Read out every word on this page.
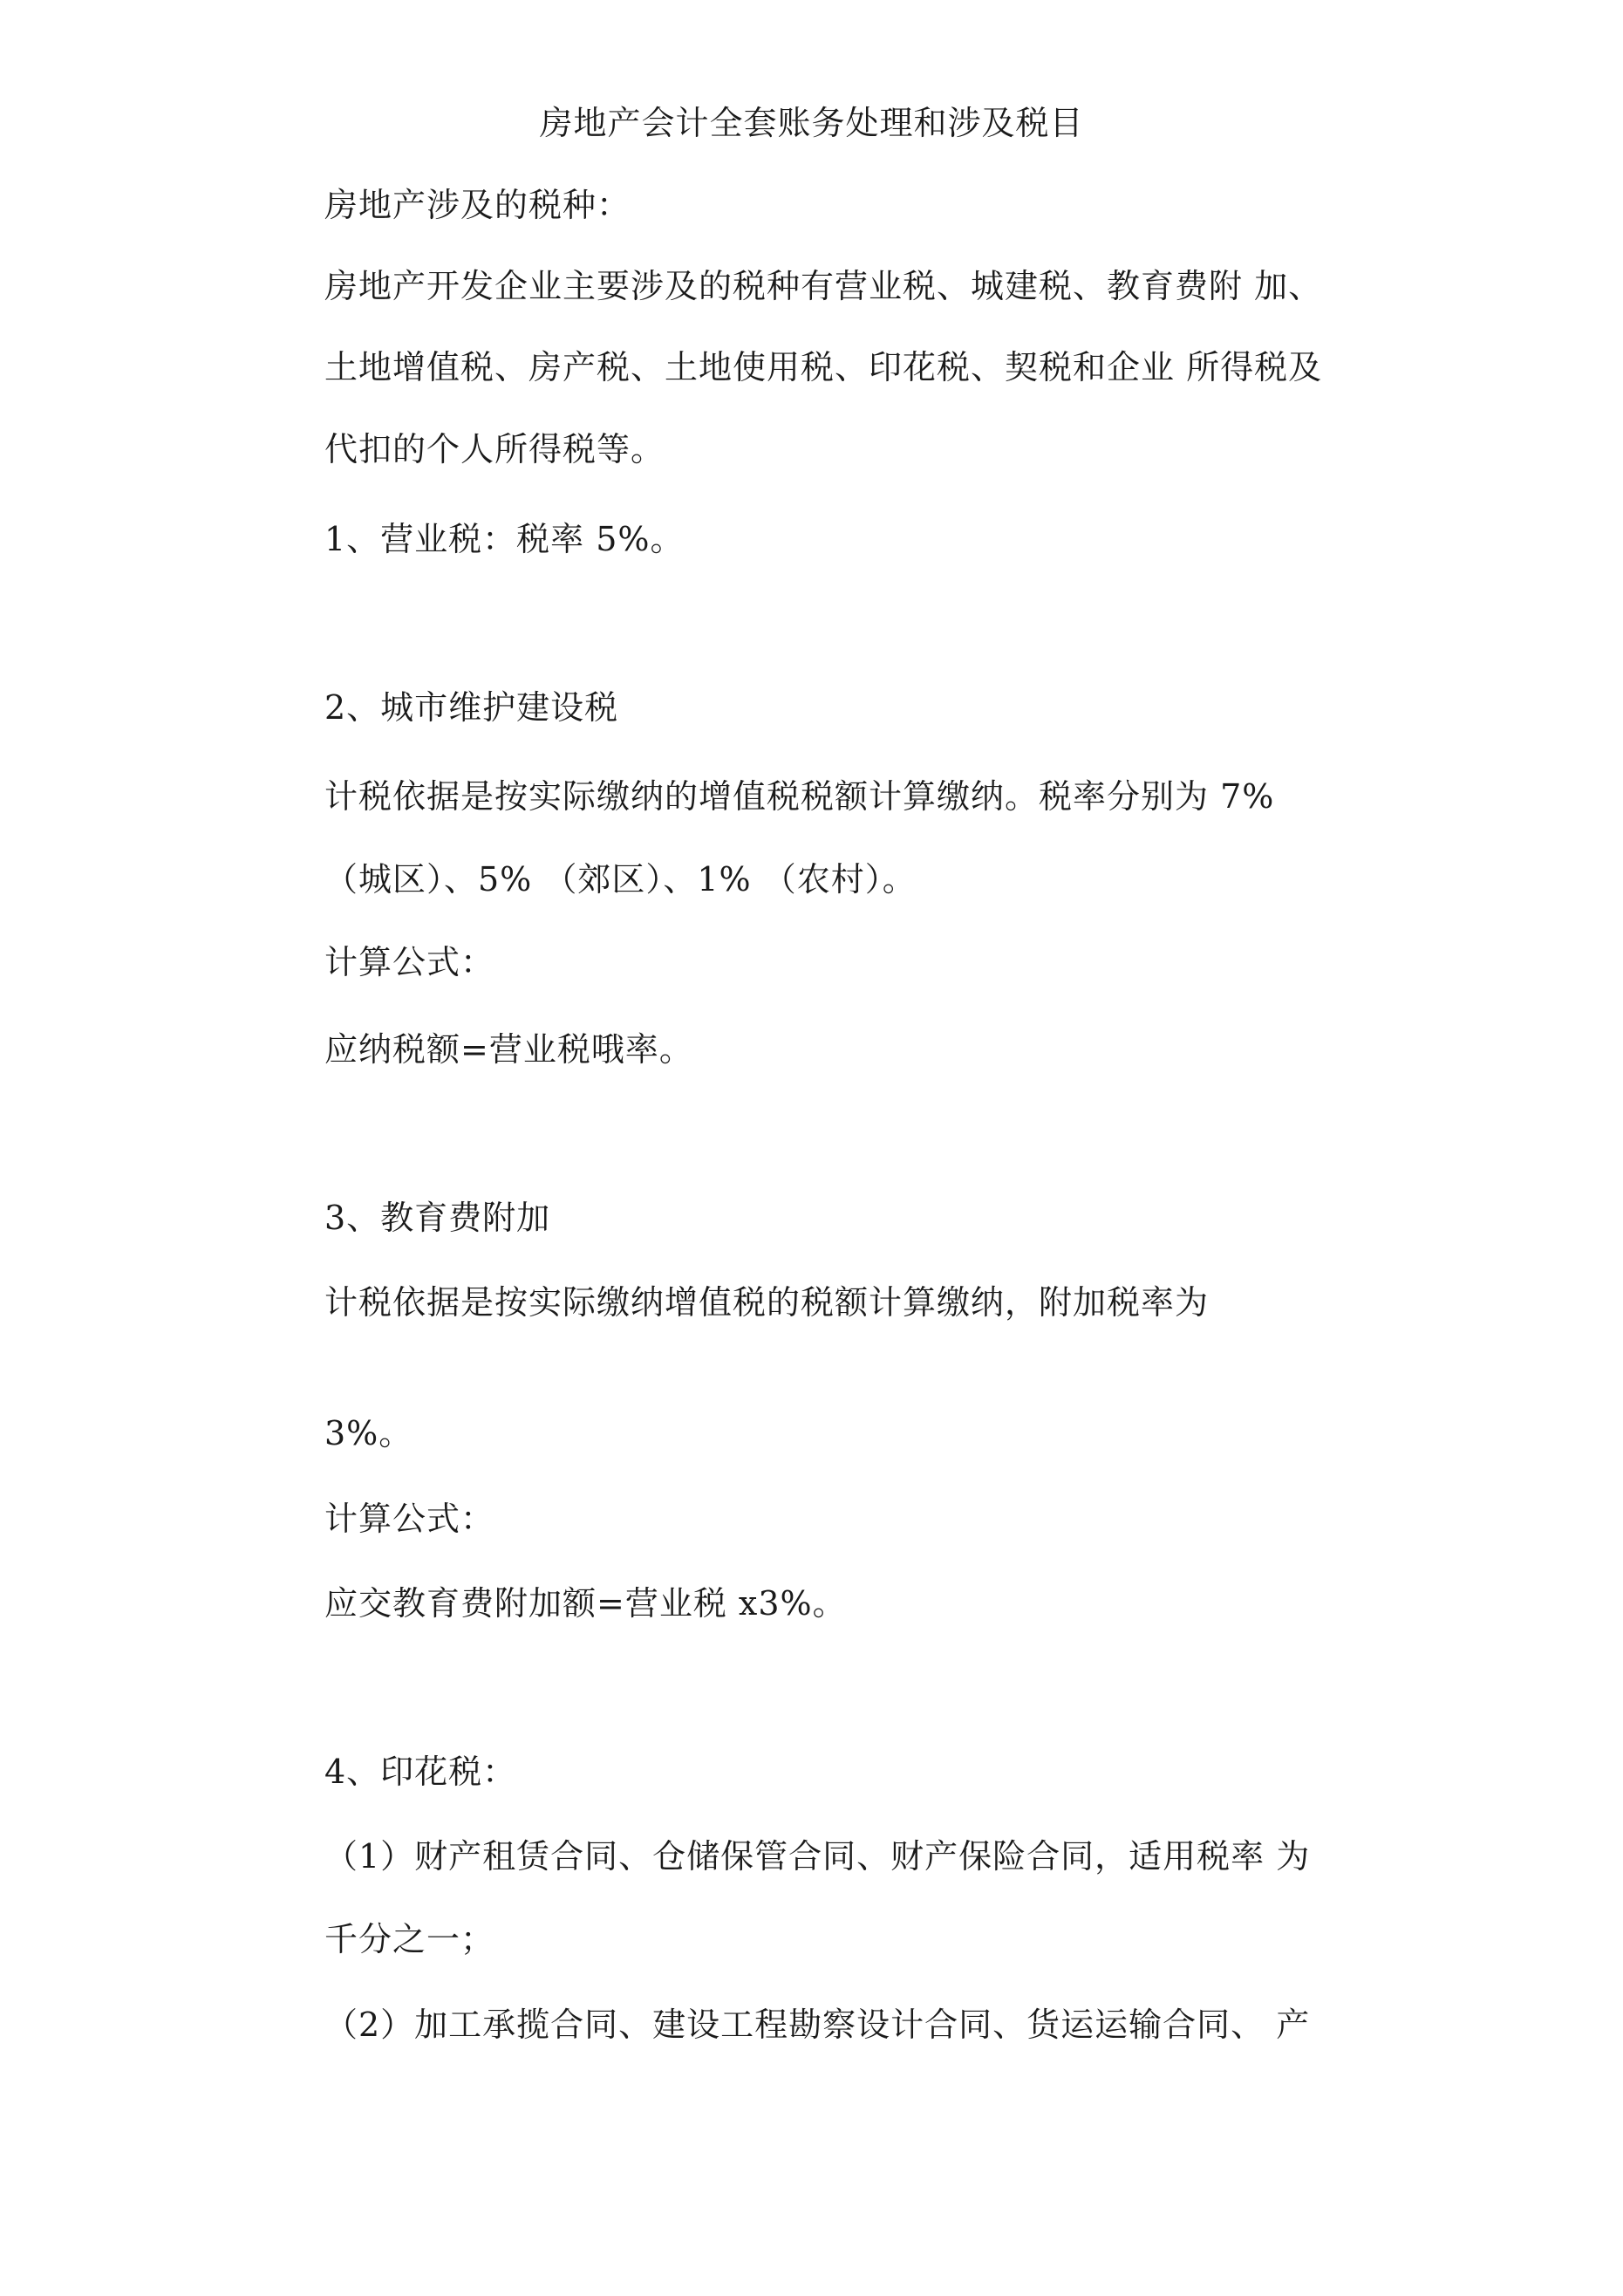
房地产会计全套账务处理和涉及税目
房地产涉及的税种：
房地产开发企业主要涉及的税种有营业税、城建税、教育费附 加、
土地增值税、房产税、土地使用税、印花税、契税和企业 所得税及
代扣的个人所得税等。
1、营业税：税率 5%。
2、城市维护建设税
计税依据是按实际缴纳的增值税税额计算缴纳。税率分别为 7%
（城区）、5% （郊区）、1% （农村）。
计算公式：
应纳税额=营业税哦率。
3、教育费附加
计税依据是按实际缴纳增值税的税额计算缴纳，附加税率为
3%。
计算公式：
应交教育费附加额=营业税 x3%。
4、印花税：
（1）财产租赁合同、仓储保管合同、财产保险合同，适用税率 为
千分之一；
（2）加工承揽合同、建设工程勘察设计合同、货运运输合同、 产
